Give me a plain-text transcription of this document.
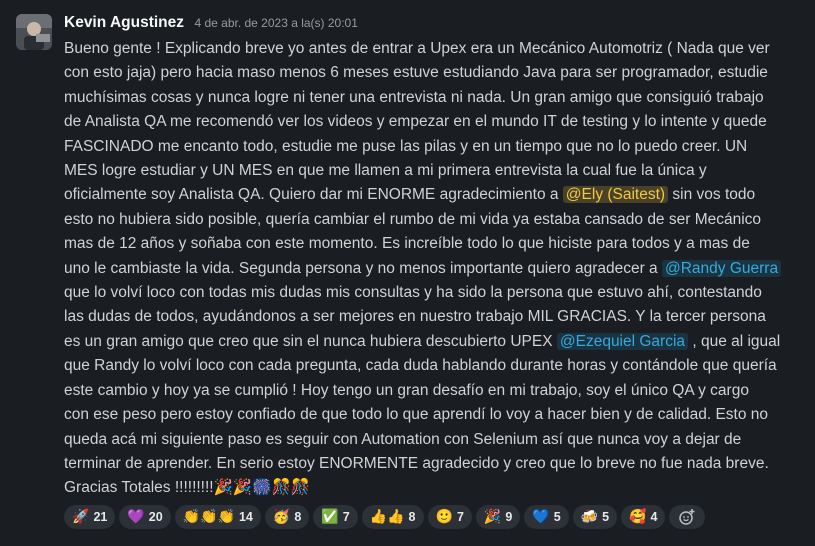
Kevin Agustinez 4 de abr. de 2023 a la(s) 20:01
Bueno gente ! Explicando breve yo antes de entrar a Upex era un Mecánico Automotriz ( Nada que ver
con esto jaja) pero hacia maso menos 6 meses estuve estudiando Java para ser programador, estudie
muchísimas cosas y nunca logre ni tener una entrevista ni nada. Un gran amigo que consiguió trabajo
de Analista QA me recomendó ver los videos y empezar en el mundo IT de testing y lo intente y quede
FASCINADO me encanto todo, estudie me puse las pilas y en un tiempo que no lo puedo creer. UN
MES logre estudiar y UN MES en que me llamen a mi primera entrevista la cual fue la única y
oficialmente soy Analista QA. Quiero dar mi ENORME agradecimiento a @Ely (Saitest) sin vos todo
esto no hubiera sido posible, quería cambiar el rumbo de mi vida ya estaba cansado de ser Mecánico
mas de 12 años y soñaba con este momento. Es increíble todo lo que hiciste para todos y a mas de
uno le cambiaste la vida. Segunda persona y no menos importante quiero agradecer a @Randy Guerra
que lo volví loco con todas mis dudas mis consultas y ha sido la persona que estuvo ahí, contestando
las dudas de todos, ayudándonos a ser mejores en nuestro trabajo MIL GRACIAS. Y la tercer persona
es un gran amigo que creo que sin el nunca hubiera descubierto UPEX @Ezequiel Garcia , que al igual
que Randy lo volví loco con cada pregunta, cada duda hablando durante horas y contándole que quería
este cambio y hoy ya se cumplió ! Hoy tengo un gran desafío en mi trabajo, soy el único QA y cargo
con ese peso pero estoy confiado de que todo lo que aprendí lo voy a hacer bien y de calidad. Esto no
queda acá mi siguiente paso es seguir con Automation con Selenium así que nunca voy a dejar de
terminar de aprender. En serio estoy ENORMENTE agradecido y creo que lo breve no fue nada breve.
Gracias Totales !!!!!!!!!🎉🎉🎆🎊🎊
🚀 21 💜 20 👏👏👏 14 🥳 8 ✅ 7 👍👍 8 🙂 7 🎉 9 💙 5 🍻 5 🥰 4
